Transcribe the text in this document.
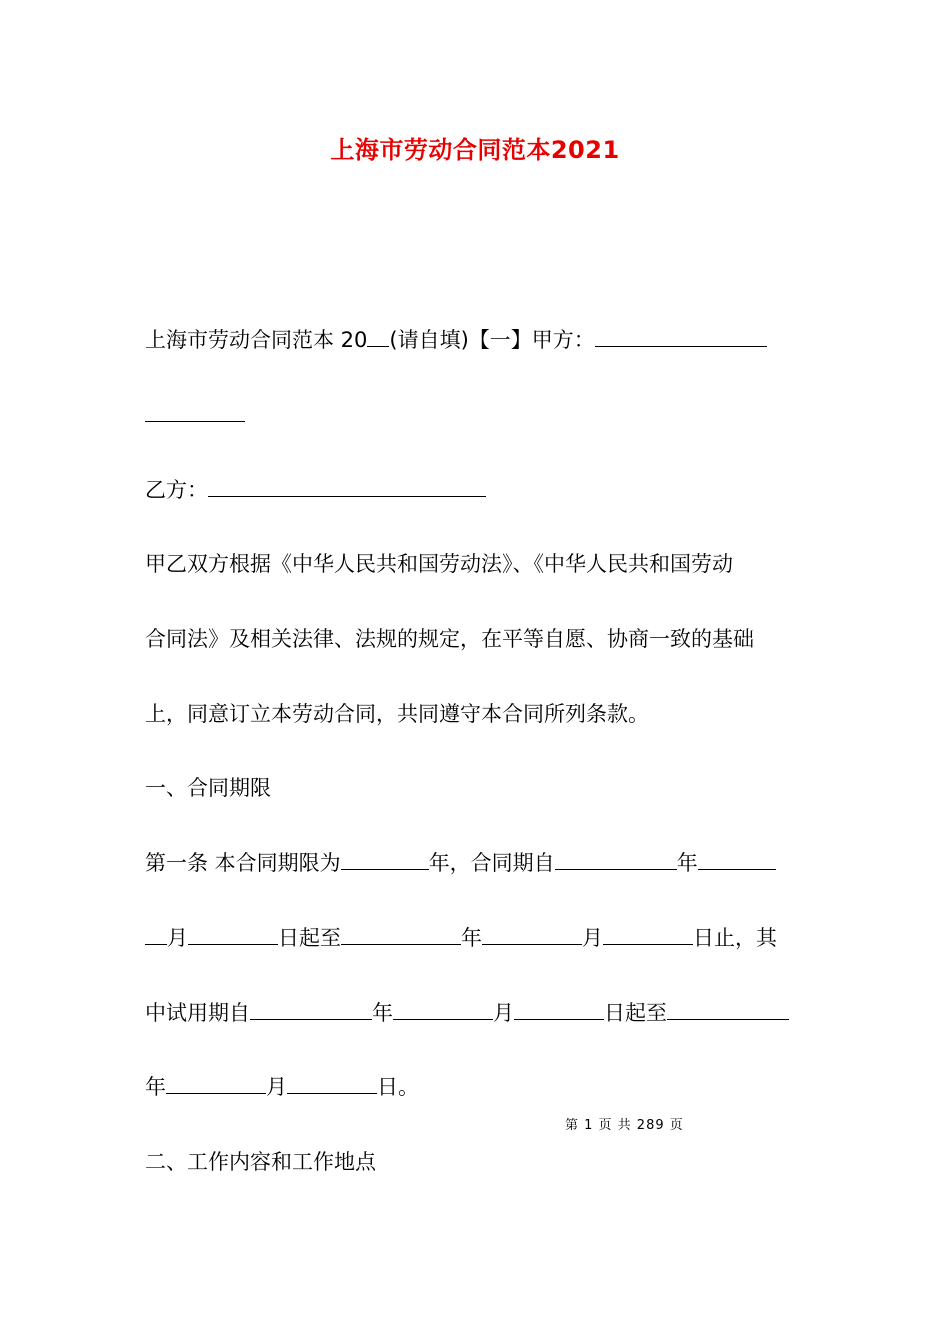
上海市劳动合同范本2021
上海市劳动合同范本 20 (请自填)【一】甲方：
乙方：
甲乙双方根据《中华人民共和国劳动法》、《中华人民共和国劳动
合同法》及相关法律、法规的规定，在平等自愿、协商一致的基础
上，同意订立本劳动合同，共同遵守本合同所列条款。
一、合同期限
第一条 本合同期限为	年，合同期自	年
月	日起至	年	月	日止，其
中试用期自	年	月	日起至
年	月	日。
第 1 页 共 289 页
二、工作内容和工作地点
